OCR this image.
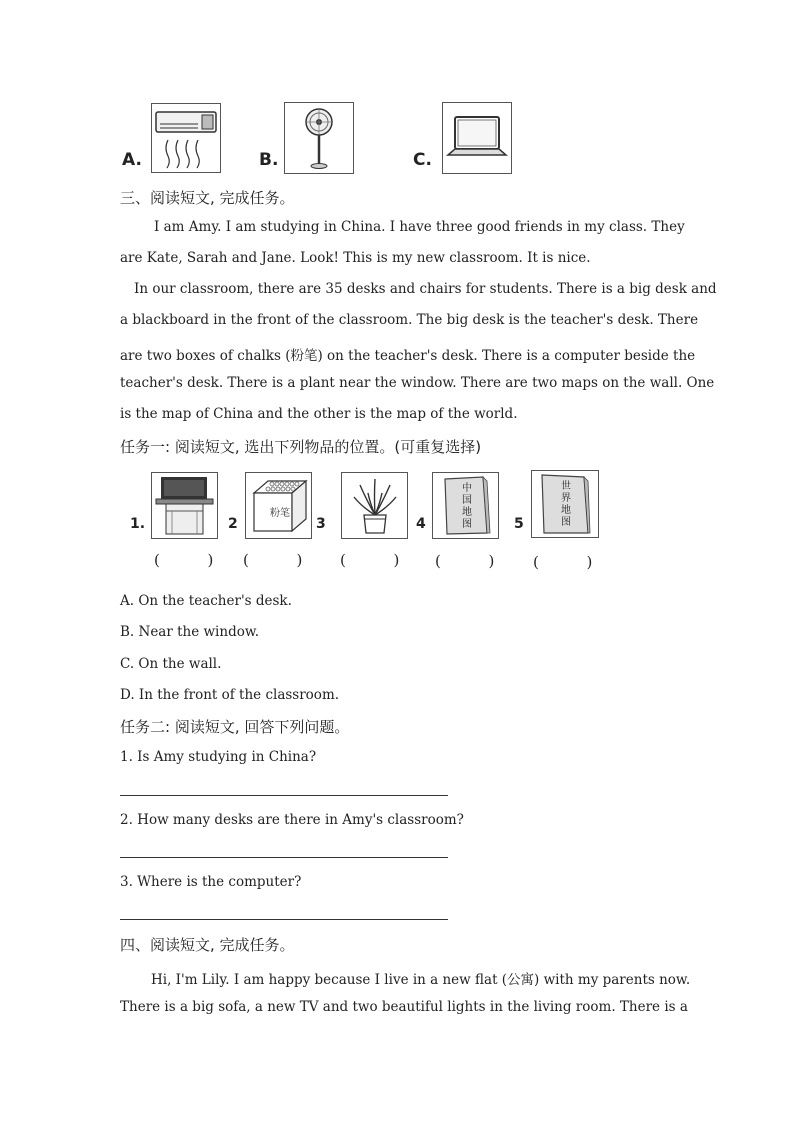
A.	B.	C.
三、阅读短文, 完成任务。
I am Amy. I am studying in China. I have three good friends in my class. They
are Kate, Sarah and Jane. Look! This is my new classroom. It is nice.
In our classroom, there are 35 desks and chairs for students. There is a big desk and
a blackboard in the front of the classroom. The big desk is the teacher's desk. There
are two boxes of chalks (粉笔) on the teacher's desk. There is a computer beside the
teacher's desk. There is a plant near the window. There are two maps on the wall. One
is the map of China and the other is the map of the world.
任务一: 阅读短文, 选出下列物品的位置。(可重复选择)
1.	2
粉笔
3	4
中
国
地
图	5
世
界
地
图
(          ) (          )	(          ) (          )	(          )
A. On the teacher's desk.
B. Near the window.
C. On the wall.
D. In the front of the classroom.
任务二: 阅读短文, 回答下列问题。
1. Is Amy studying in China?
2. How many desks are there in Amy's classroom?
3. Where is the computer?
四、阅读短文, 完成任务。
Hi, I'm Lily. I am happy because I live in a new flat (公寓) with my parents now.
There is a big sofa, a new TV and two beautiful lights in the living room. There is a
